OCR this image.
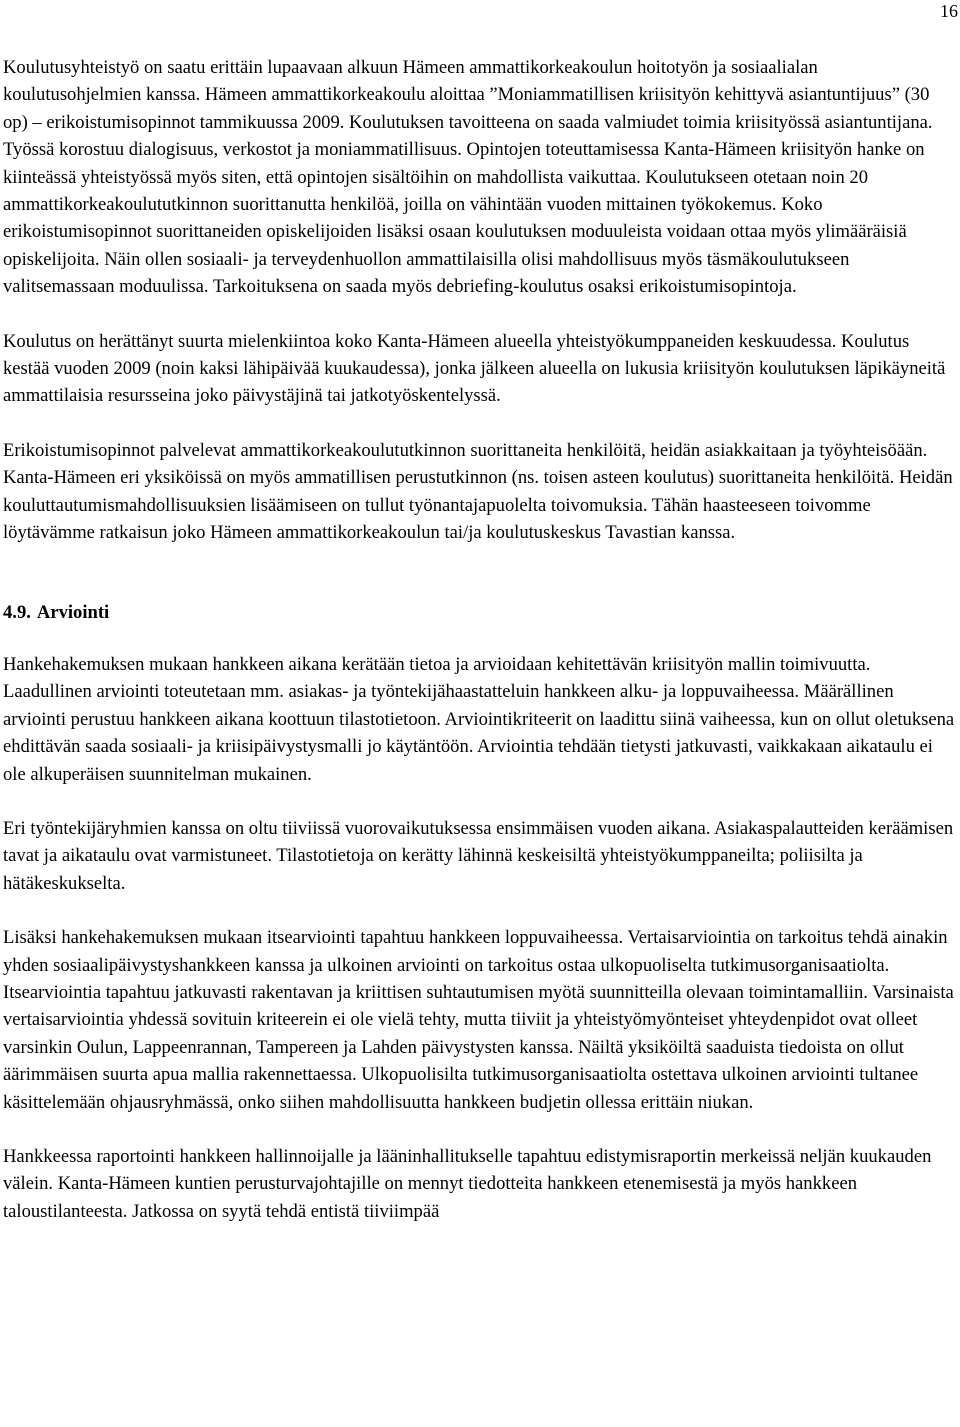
16

Koulutusyhteistyö on saatu erittäin lupaavaan alkuun Hämeen ammattikorkeakoulun hoitotyön ja sosiaalialan koulutusohjelmien kanssa. Hämeen ammattikorkeakoulu aloittaa ”Moniammatillisen kriisityön kehittyvä asiantuntijuus” (30 op) – erikoistumisopinnot tammikuussa 2009. Koulutuksen tavoitteena on saada valmiudet toimia kriisityössä asiantuntijana. Työssä korostuu dialogisuus, verkostot ja moniammatillisuus. Opintojen toteuttamisessa Kanta-Hämeen kriisityön hanke on kiinteässä yhteistyössä myös siten, että opintojen sisältöihin on mahdollista vaikuttaa. Koulutukseen otetaan noin 20 ammattikorkeakoulututkinnon suorittanutta henkilöä, joilla on vähintään vuoden mittainen työkokemus. Koko erikoistumisopinnot suorittaneiden opiskelijoiden lisäksi osaan koulutuksen moduuleista voidaan ottaa myös ylimääräisiä opiskelijoita. Näin ollen sosiaali- ja terveydenhuollon ammattilaisilla olisi mahdollisuus myös täsmäkoulutukseen valitsemassaan moduulissa. Tarkoituksena on saada myös debriefing-koulutus osaksi erikoistumisopintoja.

Koulutus on herättänyt suurta mielenkiintoa koko Kanta-Hämeen alueella yhteistyökumppaneiden keskuudessa. Koulutus kestää vuoden 2009 (noin kaksi lähipäivää kuukaudessa), jonka jälkeen alueella on lukusia kriisityön koulutuksen läpikäyneitä ammattilaisia resursseina joko päivystäjinä tai jatkotyöskentelyssä.

Erikoistumisopinnot palvelevat ammattikorkeakoulututkinnon suorittaneita henkilöitä, heidän asiakkaitaan ja työyhteisöään. Kanta-Hämeen eri yksiköissä on myös ammatillisen perustutkinnon (ns. toisen asteen koulutus) suorittaneita henkilöitä. Heidän kouluttautumismahdollisuuksien lisäämiseen on tullut työnantajapuolelta toivomuksia. Tähän haasteeseen toivomme löytävämme ratkaisun joko Hämeen ammattikorkeakoulun tai/ja koulutuskeskus Tavastian kanssa.

4.9. Arviointi

Hankehakemuksen mukaan hankkeen aikana kerätään tietoa ja arvioidaan kehitettävän kriisityön mallin toimivuutta. Laadullinen arviointi toteutetaan mm. asiakas- ja työntekijähaastatteluin hankkeen alku- ja loppuvaiheessa. Määrällinen arviointi perustuu hankkeen aikana koottuun tilastotietoon. Arviointikriteerit on laadittu siinä vaiheessa, kun on ollut oletuksena ehdittävän saada sosiaali- ja kriisipäivystysmalli jo käytäntöön. Arviointia tehdään tietysti jatkuvasti, vaikkakaan aikataulu ei ole alkuperäisen suunnitelman mukainen.

Eri työntekijäryhmien kanssa on oltu tiiviissä vuorovaikutuksessa ensimmäisen vuoden aikana. Asiakaspalautteiden keräämisen tavat ja aikataulu ovat varmistuneet. Tilastotietoja on kerätty lähinnä keskeisiltä yhteistyökumppaneilta; poliisilta ja hätäkeskukselta.

Lisäksi hankehakemuksen mukaan itsearviointi tapahtuu hankkeen loppuvaiheessa. Vertaisarviointia on tarkoitus tehdä ainakin yhden sosiaalipäivystyshankkeen kanssa ja ulkoinen arviointi on tarkoitus ostaa ulkopuoliselta tutkimusorganisaatiolta. Itsearviointia tapahtuu jatkuvasti rakentavan ja kriittisen suhtautumisen myötä suunnitteilla olevaan toimintamalliin. Varsinaista vertaisarviointia yhdessä sovituin kriteerein ei ole vielä tehty, mutta tiiviit ja yhteistyömyönteiset yhteydenpidot ovat olleet varsinkin Oulun, Lappeenrannan, Tampereen ja Lahden päivystysten kanssa. Näiltä yksiköiltä saaduista tiedoista on ollut äärimmäisen suurta apua mallia rakennettaessa. Ulkopuolisilta tutkimusorganisaatiolta ostettava ulkoinen arviointi tultanee käsittelemään ohjausryhmässä, onko siihen mahdollisuutta hankkeen budjetin ollessa erittäin niukan.

Hankkeessa raportointi hankkeen hallinnoijalle ja lääninhallitukselle tapahtuu edistymisraportin merkeissä neljän kuukauden välein. Kanta-Hämeen kuntien perusturvajohtajille on mennyt tiedotteita hankkeen etenemisestä ja myös hankkeen taloustilanteesta. Jatkossa on syytä tehdä entistä tiiviimpää
